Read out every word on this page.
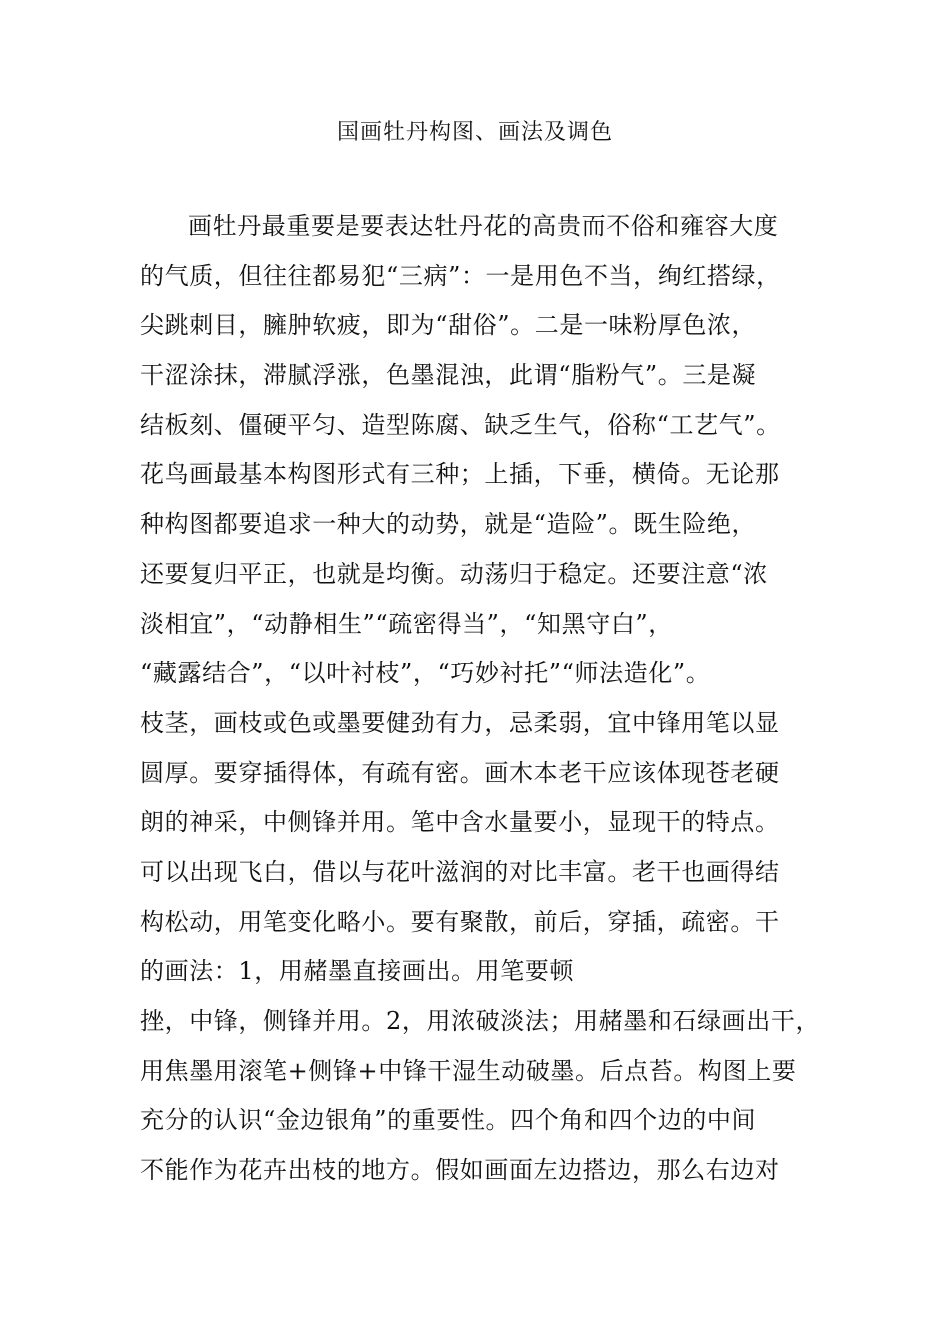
国画牡丹构图、画法及调色
画牡丹最重要是要表达牡丹花的高贵而不俗和雍容大度
的气质，但往往都易犯“三病”：一是用色不当，绚红搭绿，
尖跳刺目，臃肿软疲，即为“甜俗”。二是一味粉厚色浓，
干涩涂抹，滞腻浮涨，色墨混浊，此谓“脂粉气”。三是凝
结板刻、僵硬平匀、造型陈腐、缺乏生气，俗称“工艺气”。
花鸟画最基本构图形式有三种；上插，下垂，横倚。无论那
种构图都要追求一种大的动势，就是“造险”。既生险绝，
还要复归平正，也就是均衡。动荡归于稳定。还要注意“浓
淡相宜”，“动静相生”“疏密得当”，“知黑守白”，
“藏露结合”，“以叶衬枝”，“巧妙衬托”“师法造化”。
枝茎，画枝或色或墨要健劲有力，忌柔弱，宜中锋用笔以显
圆厚。要穿插得体，有疏有密。画木本老干应该体现苍老硬
朗的神采，中侧锋并用。笔中含水量要小，显现干的特点。
可以出现飞白，借以与花叶滋润的对比丰富。老干也画得结
构松动，用笔变化略小。要有聚散，前后，穿插，疏密。干
的画法：1，用赭墨直接画出。用笔要顿
挫，中锋，侧锋并用。2，用浓破淡法；用赭墨和石绿画出干，
用焦墨用滚笔+侧锋+中锋干湿生动破墨。后点苔。构图上要
充分的认识“金边银角”的重要性。四个角和四个边的中间
不能作为花卉出枝的地方。假如画面左边搭边，那么右边对
